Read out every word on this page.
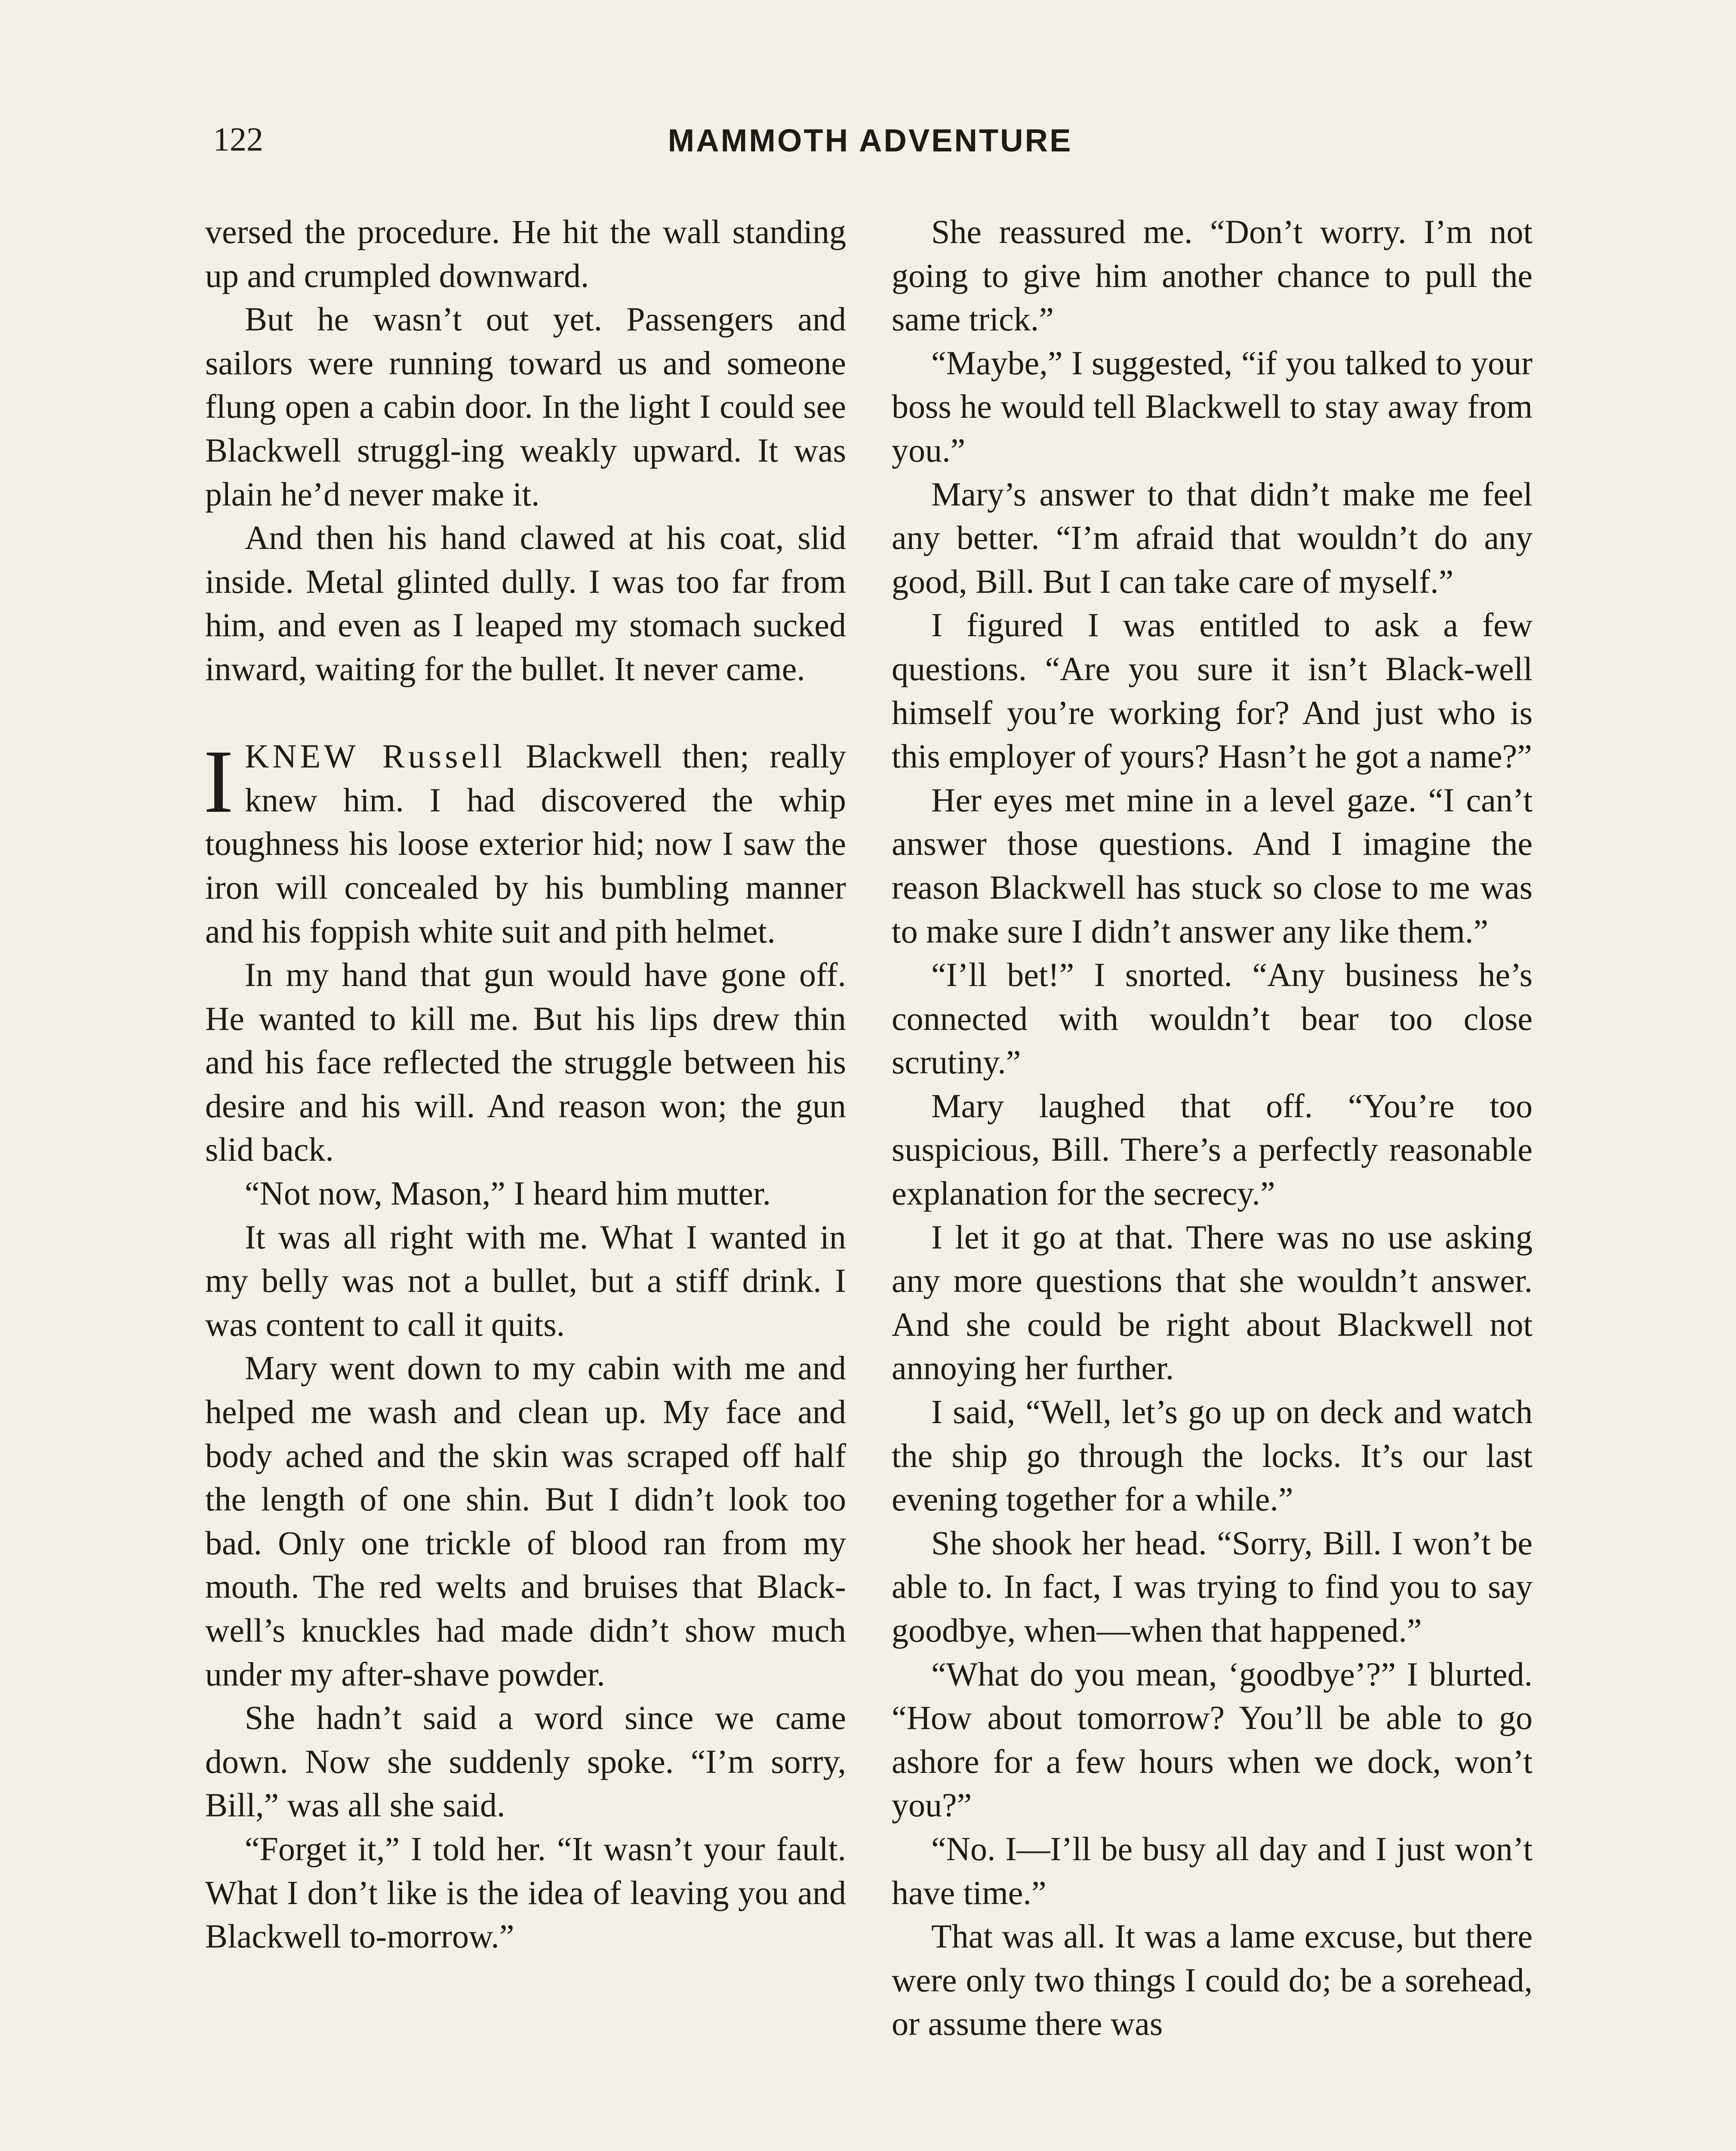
122	MAMMOTH ADVENTURE

versed the procedure. He hit the wall standing up and crumpled downward.

But he wasn’t out yet. Passengers and sailors were running toward us and someone flung open a cabin door. In the light I could see Blackwell struggl-ing weakly upward. It was plain he’d never make it.

And then his hand clawed at his coat, slid inside. Metal glinted dully. I was too far from him, and even as I leaped my stomach sucked inward, waiting for the bullet. It never came.

IKNEW Russell Blackwell then; really knew him. I had discovered the whip toughness his loose exterior hid; now I saw the iron will concealed by his bumbling manner and his foppish white suit and pith helmet.

In my hand that gun would have gone off. He wanted to kill me. But his lips drew thin and his face reflected the struggle between his desire and his will. And reason won; the gun slid back.

“Not now, Mason,” I heard him mutter.

It was all right with me. What I wanted in my belly was not a bullet, but a stiff drink. I was content to call it quits.

Mary went down to my cabin with me and helped me wash and clean up. My face and body ached and the skin was scraped off half the length of one shin. But I didn’t look too bad. Only one trickle of blood ran from my mouth. The red welts and bruises that Black-well’s knuckles had made didn’t show much under my after-shave powder.

She hadn’t said a word since we came down. Now she suddenly spoke. “I’m sorry, Bill,” was all she said.

“Forget it,” I told her. “It wasn’t your fault. What I don’t like is the idea of leaving you and Blackwell to-morrow.”

She reassured me. “Don’t worry. I’m not going to give him another chance to pull the same trick.”

“Maybe,” I suggested, “if you talked to your boss he would tell Blackwell to stay away from you.”

Mary’s answer to that didn’t make me feel any better. “I’m afraid that wouldn’t do any good, Bill. But I can take care of myself.”

I figured I was entitled to ask a few questions. “Are you sure it isn’t Black-well himself you’re working for? And just who is this employer of yours? Hasn’t he got a name?”

Her eyes met mine in a level gaze. “I can’t answer those questions. And I imagine the reason Blackwell has stuck so close to me was to make sure I didn’t answer any like them.”

“I’ll bet!” I snorted. “Any business he’s connected with wouldn’t bear too close scrutiny.”

Mary laughed that off. “You’re too suspicious, Bill. There’s a perfectly reasonable explanation for the secrecy.”

I let it go at that. There was no use asking any more questions that she wouldn’t answer. And she could be right about Blackwell not annoying her further.

I said, “Well, let’s go up on deck and watch the ship go through the locks. It’s our last evening together for a while.”

She shook her head. “Sorry, Bill. I won’t be able to. In fact, I was trying to find you to say goodbye, when—when that happened.”

“What do you mean, ‘goodbye’?” I blurted. “How about tomorrow? You’ll be able to go ashore for a few hours when we dock, won’t you?”

“No. I—I’ll be busy all day and I just won’t have time.”

That was all. It was a lame excuse, but there were only two things I could do; be a sorehead, or assume there was
